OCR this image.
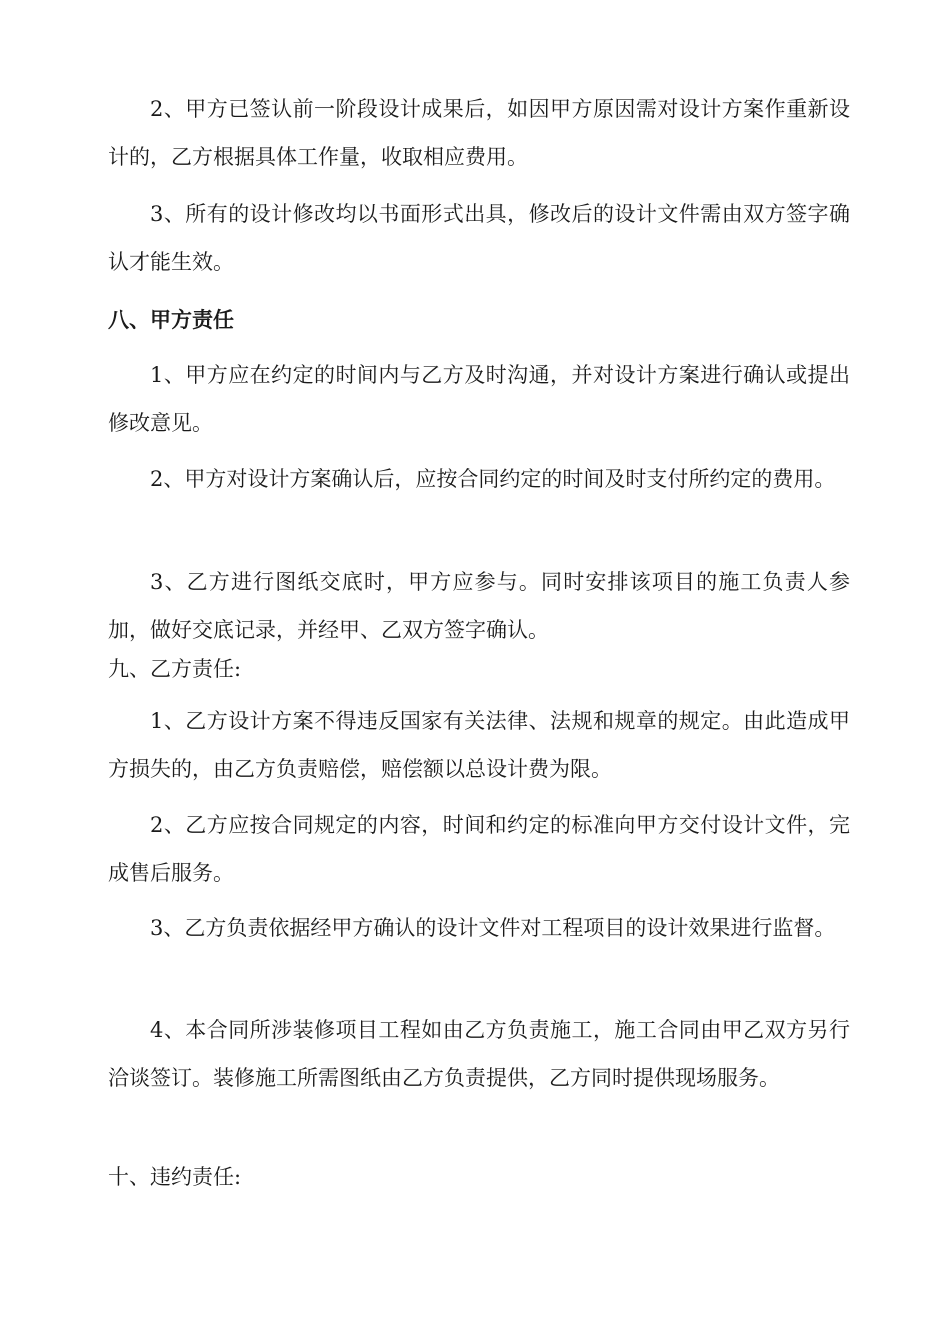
2、甲方已签认前一阶段设计成果后，如因甲方原因需对设计方案作重新设计的，乙方根据具体工作量，收取相应费用。

3、所有的设计修改均以书面形式出具，修改后的设计文件需由双方签字确认才能生效。

八、甲方责任

1、甲方应在约定的时间内与乙方及时沟通，并对设计方案进行确认或提出修改意见。

2、甲方对设计方案确认后，应按合同约定的时间及时支付所约定的费用。

3、乙方进行图纸交底时，甲方应参与。同时安排该项目的施工负责人参加，做好交底记录，并经甲、乙双方签字确认。

九、乙方责任:

1、乙方设计方案不得违反国家有关法律、法规和规章的规定。由此造成甲方损失的，由乙方负责赔偿，赔偿额以总设计费为限。

2、乙方应按合同规定的内容，时间和约定的标准向甲方交付设计文件，完成售后服务。

3、乙方负责依据经甲方确认的设计文件对工程项目的设计效果进行监督。

4、本合同所涉装修项目工程如由乙方负责施工，施工合同由甲乙双方另行洽谈签订。装修施工所需图纸由乙方负责提供，乙方同时提供现场服务。

十、违约责任:
